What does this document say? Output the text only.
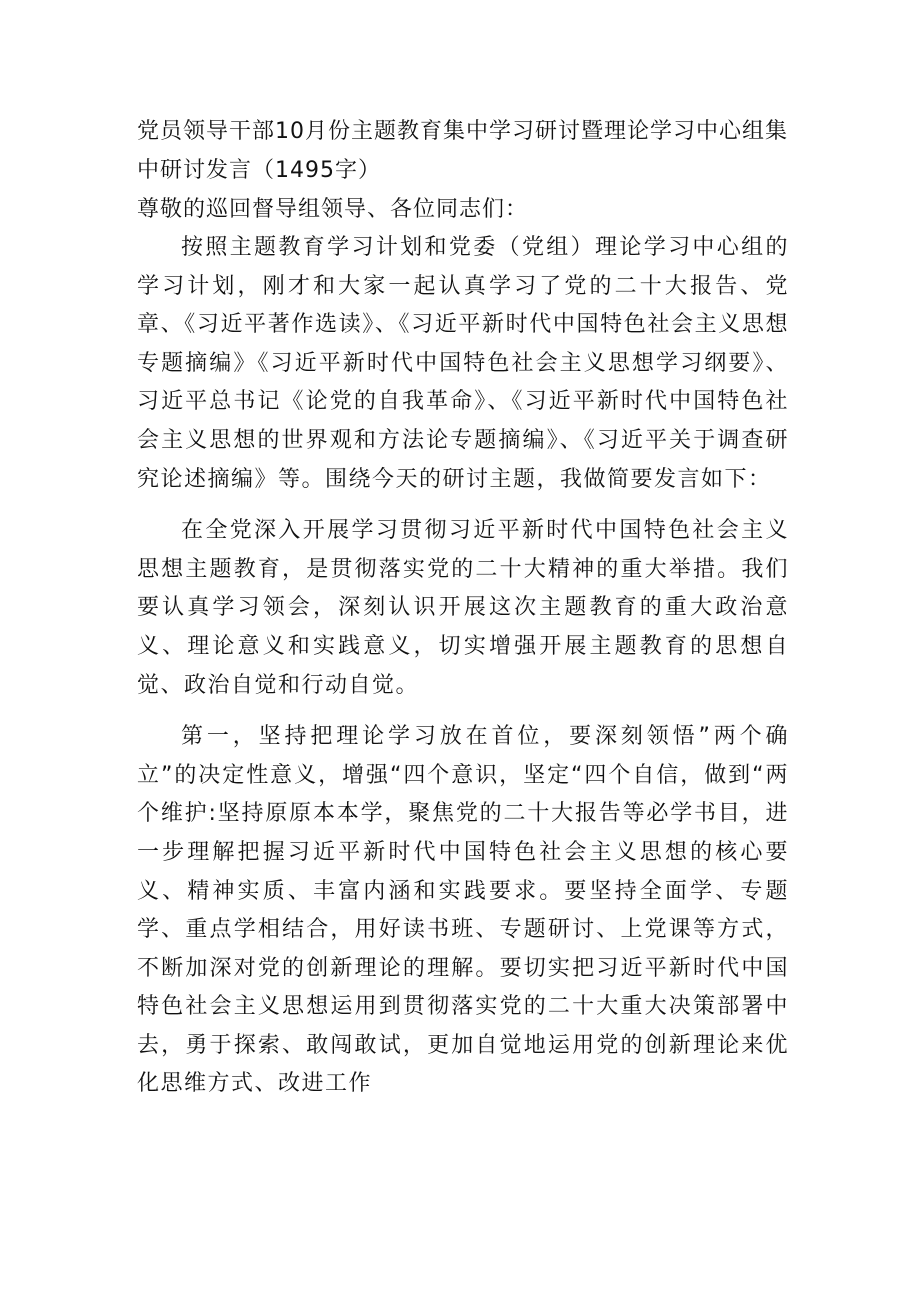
党员领导干部10月份主题教育集中学习研讨暨理论学习中心组集中研讨发言（1495字）

尊敬的巡回督导组领导、各位同志们：

按照主题教育学习计划和党委（党组）理论学习中心组的学习计划，刚才和大家一起认真学习了党的二十大报告、党章、《习近平著作选读》、《习近平新时代中国特色社会主义思想专题摘编》《习近平新时代中国特色社会主义思想学习纲要》、习近平总书记《论党的自我革命》、《习近平新时代中国特色社会主义思想的世界观和方法论专题摘编》、《习近平关于调查研究论述摘编》等。围绕今天的研讨主题，我做简要发言如下：

在全党深入开展学习贯彻习近平新时代中国特色社会主义思想主题教育，是贯彻落实党的二十大精神的重大举措。我们要认真学习领会，深刻认识开展这次主题教育的重大政治意义、理论意义和实践意义，切实增强开展主题教育的思想自觉、政治自觉和行动自觉。

第一，坚持把理论学习放在首位，要深刻领悟”两个确立”的决定性意义，增强“四个意识，坚定“四个自信，做到“两个维护:坚持原原本本学，聚焦党的二十大报告等必学书目，进一步理解把握习近平新时代中国特色社会主义思想的核心要义、精神实质、丰富内涵和实践要求。要坚持全面学、专题学、重点学相结合，用好读书班、专题研讨、上党课等方式，不断加深对党的创新理论的理解。要切实把习近平新时代中国特色社会主义思想运用到贯彻落实党的二十大重大决策部署中去，勇于探索、敢闯敢试，更加自觉地运用党的创新理论来优化思维方式、改进工作
